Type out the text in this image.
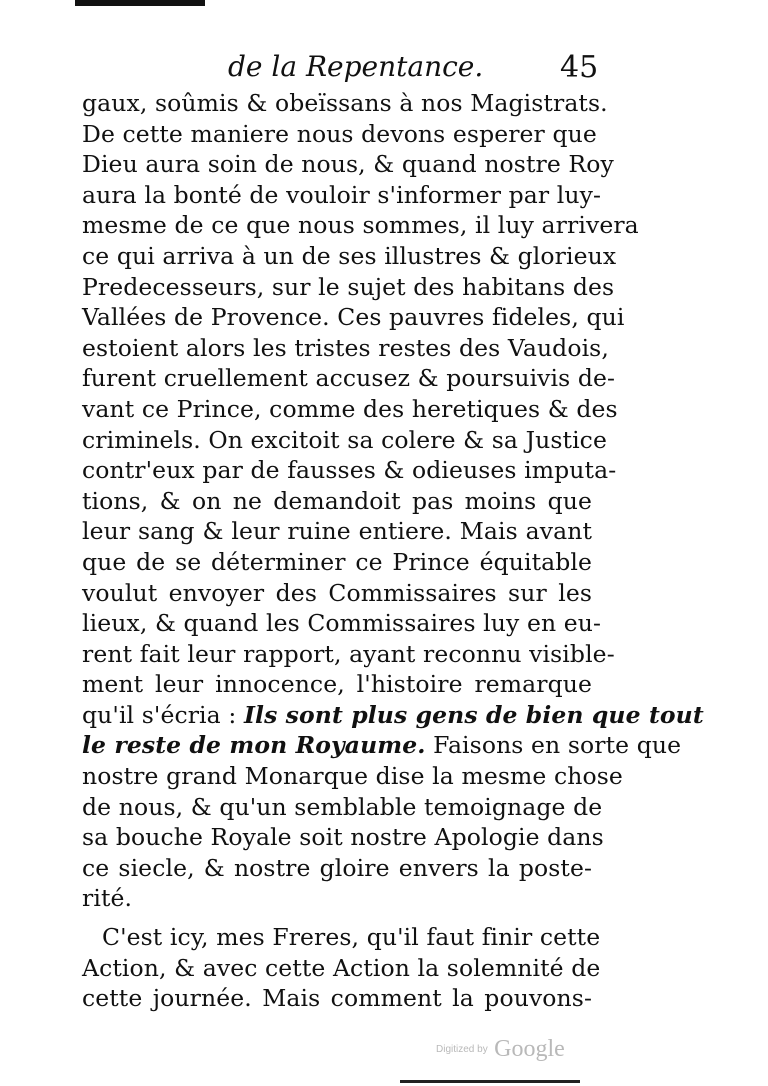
de la Repentance.	45
gaux, soûmis & obeïssans à nos Magistrats.
De cette maniere nous devons esperer que
Dieu aura soin de nous, & quand nostre Roy
aura la bonté de vouloir s'informer par luy-
mesme de ce que nous sommes, il luy arrivera
ce qui arriva à un de ses illustres & glorieux
Predecesseurs, sur le sujet des habitans des
Vallées de Provence. Ces pauvres fideles, qui
estoient alors les tristes restes des Vaudois,
furent cruellement accusez & poursuivis de-
vant ce Prince, comme des heretiques & des
criminels. On excitoit sa colere & sa Justice
contr'eux par de fausses & odieuses imputa-
tions, & on ne demandoit pas moins que
leur sang & leur ruine entiere. Mais avant
que de se déterminer ce Prince équitable
voulut envoyer des Commissaires sur les
lieux, & quand les Commissaires luy en eu-
rent fait leur rapport, ayant reconnu visible-
ment leur innocence, l'histoire remarque
qu'il s'écria : Ils sont plus gens de bien que tout
le reste de mon Royaume. Faisons en sorte que
nostre grand Monarque dise la mesme chose
de nous, & qu'un semblable temoignage de
sa bouche Royale soit nostre Apologie dans
ce siecle, & nostre gloire envers la poste-
rité.
C'est icy, mes Freres, qu'il faut finir cette
Action, & avec cette Action la solemnité de
cette journée. Mais comment la pouvons-
Digitized by Google
